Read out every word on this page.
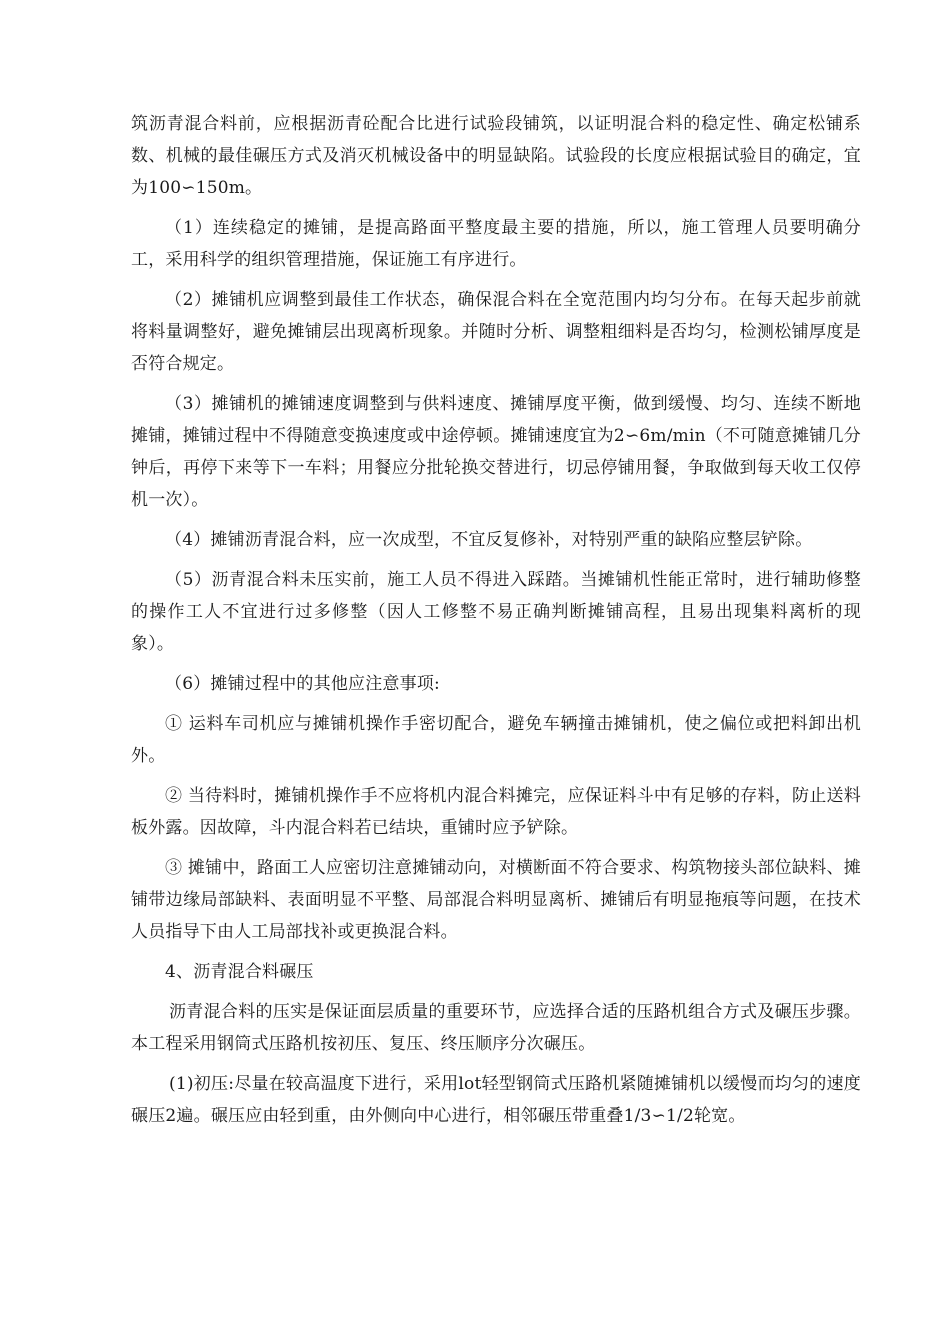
筑沥青混合料前，应根据沥青砼配合比进行试验段铺筑，以证明混合料的稳定性、确定松铺系数、机械的最佳碾压方式及消灭机械设备中的明显缺陷。试验段的长度应根据试验目的确定，宜为100∽150m。

（1）连续稳定的摊铺，是提高路面平整度最主要的措施，所以，施工管理人员要明确分工，采用科学的组织管理措施，保证施工有序进行。

（2）摊铺机应调整到最佳工作状态，确保混合料在全宽范围内均匀分布。在每天起步前就将料量调整好，避免摊铺层出现离析现象。并随时分析、调整粗细料是否均匀，检测松铺厚度是否符合规定。

（3）摊铺机的摊铺速度调整到与供料速度、摊铺厚度平衡，做到缓慢、均匀、连续不断地摊铺，摊铺过程中不得随意变换速度或中途停顿。摊铺速度宜为2∽6m/min（不可随意摊铺几分钟后，再停下来等下一车料；用餐应分批轮换交替进行，切忌停铺用餐，争取做到每天收工仅停机一次）。

（4）摊铺沥青混合料，应一次成型，不宜反复修补，对特别严重的缺陷应整层铲除。

（5）沥青混合料未压实前，施工人员不得进入踩踏。当摊铺机性能正常时，进行辅助修整的操作工人不宜进行过多修整（因人工修整不易正确判断摊铺高程，且易出现集料离析的现象）。

（6）摊铺过程中的其他应注意事项:

① 运料车司机应与摊铺机操作手密切配合，避免车辆撞击摊铺机，使之偏位或把料卸出机外。

② 当待料时，摊铺机操作手不应将机内混合料摊完，应保证料斗中有足够的存料，防止送料板外露。因故障，斗内混合料若已结块，重铺时应予铲除。

③ 摊铺中，路面工人应密切注意摊铺动向，对横断面不符合要求、构筑物接头部位缺料、摊铺带边缘局部缺料、表面明显不平整、局部混合料明显离析、摊铺后有明显拖痕等问题，在技术人员指导下由人工局部找补或更换混合料。

4、沥青混合料碾压

沥青混合料的压实是保证面层质量的重要环节，应选择合适的压路机组合方式及碾压步骤。本工程采用钢筒式压路机按初压、复压、终压顺序分次碾压。

(1)初压:尽量在较高温度下进行，采用lot轻型钢筒式压路机紧随摊铺机以缓慢而均匀的速度碾压2遍。碾压应由轻到重，由外侧向中心进行，相邻碾压带重叠1/3∽1/2轮宽。
